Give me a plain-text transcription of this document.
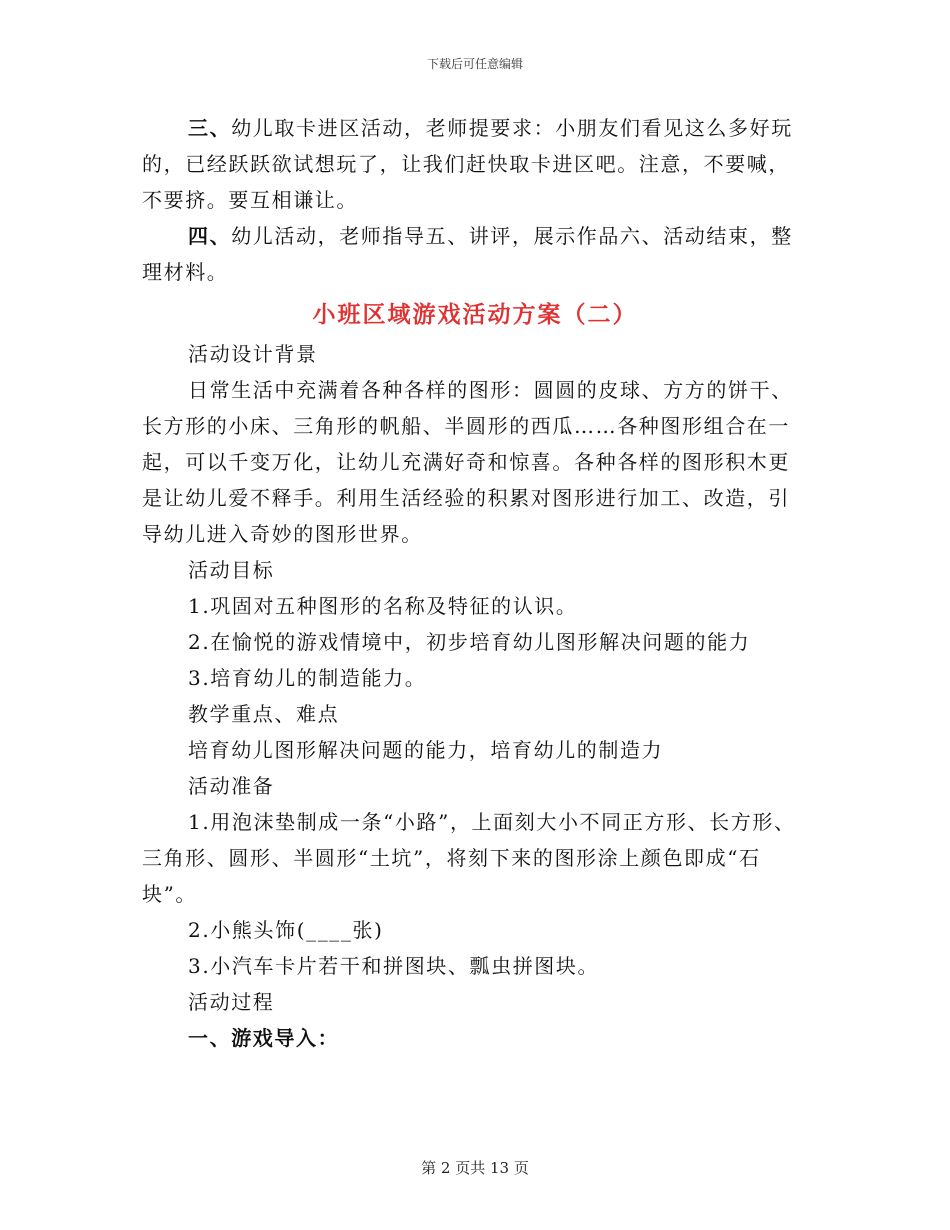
下载后可任意编辑

三、幼儿取卡进区活动，老师提要求：小朋友们看见这么多好玩的，已经跃跃欲试想玩了，让我们赶快取卡进区吧。注意，不要喊，不要挤。要互相谦让。

四、幼儿活动，老师指导五、讲评，展示作品六、活动结束，整理材料。

小班区域游戏活动方案（二）

活动设计背景

日常生活中充满着各种各样的图形：圆圆的皮球、方方的饼干、长方形的小床、三角形的帆船、半圆形的西瓜……各种图形组合在一起，可以千变万化，让幼儿充满好奇和惊喜。各种各样的图形积木更是让幼儿爱不释手。利用生活经验的积累对图形进行加工、改造，引导幼儿进入奇妙的图形世界。

活动目标

1.巩固对五种图形的名称及特征的认识。

2.在愉悦的游戏情境中，初步培育幼儿图形解决问题的能力

3.培育幼儿的制造能力。

教学重点、难点

培育幼儿图形解决问题的能力，培育幼儿的制造力

活动准备

1.用泡沫垫制成一条“小路”，上面刻大小不同正方形、长方形、三角形、圆形、半圆形“土坑”，将刻下来的图形涂上颜色即成“石块”。

2.小熊头饰(____张)

3.小汽车卡片若干和拼图块、瓢虫拼图块。

活动过程

一、游戏导入：

第 2 页共 13 页
